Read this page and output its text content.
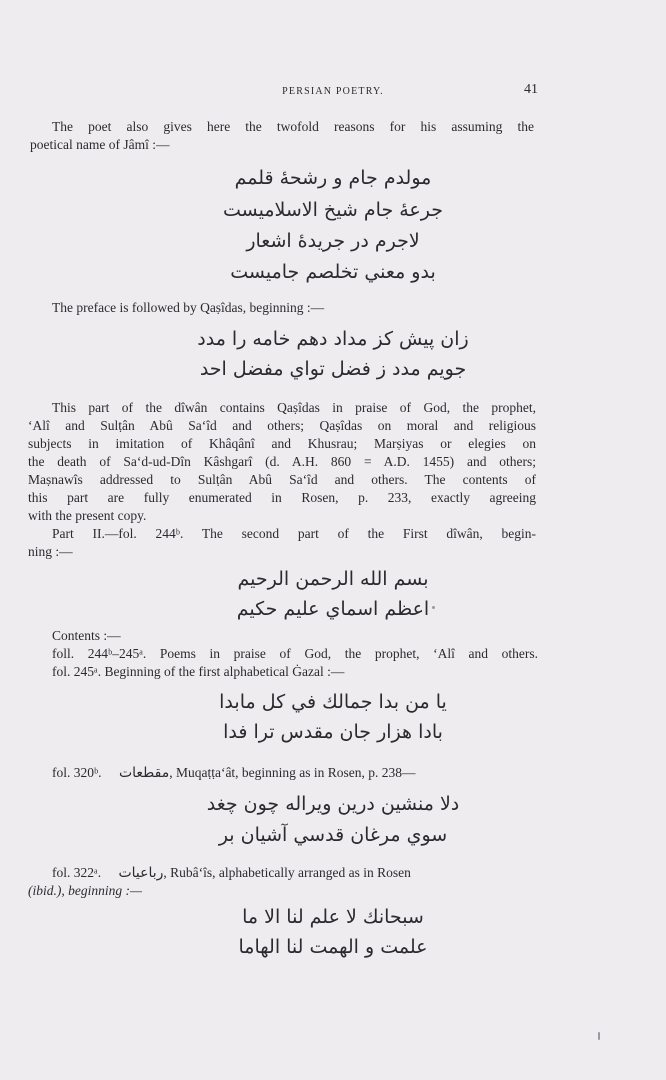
PERSIAN POETRY.	41
The poet also gives here the twofold reasons for his assuming the
poetical name of Jâmî :—
مولدم جام و رشحهٔ قلمم
جرعهٔ جام شیخ الاسلامیست
لاجرم در جریدهٔ اشعار
بدو معني تخلصم جامیست
The preface is followed by Qaṣîdas, beginning :—
زان پیش کز مداد دهم خامه را مدد
جویم مدد ز فضل تواي مفضل احد
This part of the dîwân contains Qaṣîdas in praise of God, the prophet,
ʻAlî and Sulṭân Abû Saʻîd and others; Qaṣîdas on moral and religious
subjects in imitation of Khâqânî and Khusrau; Marṣiyas or elegies on
the death of Saʻd-ud-Dîn Kâshgarî (d. A.H. 860 = A.D. 1455) and others;
Maṣnawîs addressed to Sulṭân Abû Saʻîd and others. The contents of
this part are fully enumerated in Rosen, p. 233, exactly agreeing
with the present copy.
Part II.—fol. 244ᵇ. The second part of the First dîwân, begin-
ning :—
بسم الله الرحمن الرحیم
اعظم اسماي علیم حکیم
Contents :—
foll. 244ᵇ–245ᵃ. Poems in praise of God, the prophet, ʻAlî and others.
fol. 245ᵃ. Beginning of the first alphabetical Ġazal :—
یا من بدا جمالك في كل مابدا
بادا هزار جان مقدس ترا فدا
fol. 320ᵇ. مقطعات, Muqaṭṭaʻât, beginning as in Rosen, p. 238—
دلا منشین درین ویراله چون چغد
سوي مرغان قدسي آشیان بر
fol. 322ᵃ. رباعیات, Rubâʻîs, alphabetically arranged as in Rosen
(ibid.), beginning :—
سبحانك لا علم لنا الا ما
علمت و الهمت لنا الهاما
